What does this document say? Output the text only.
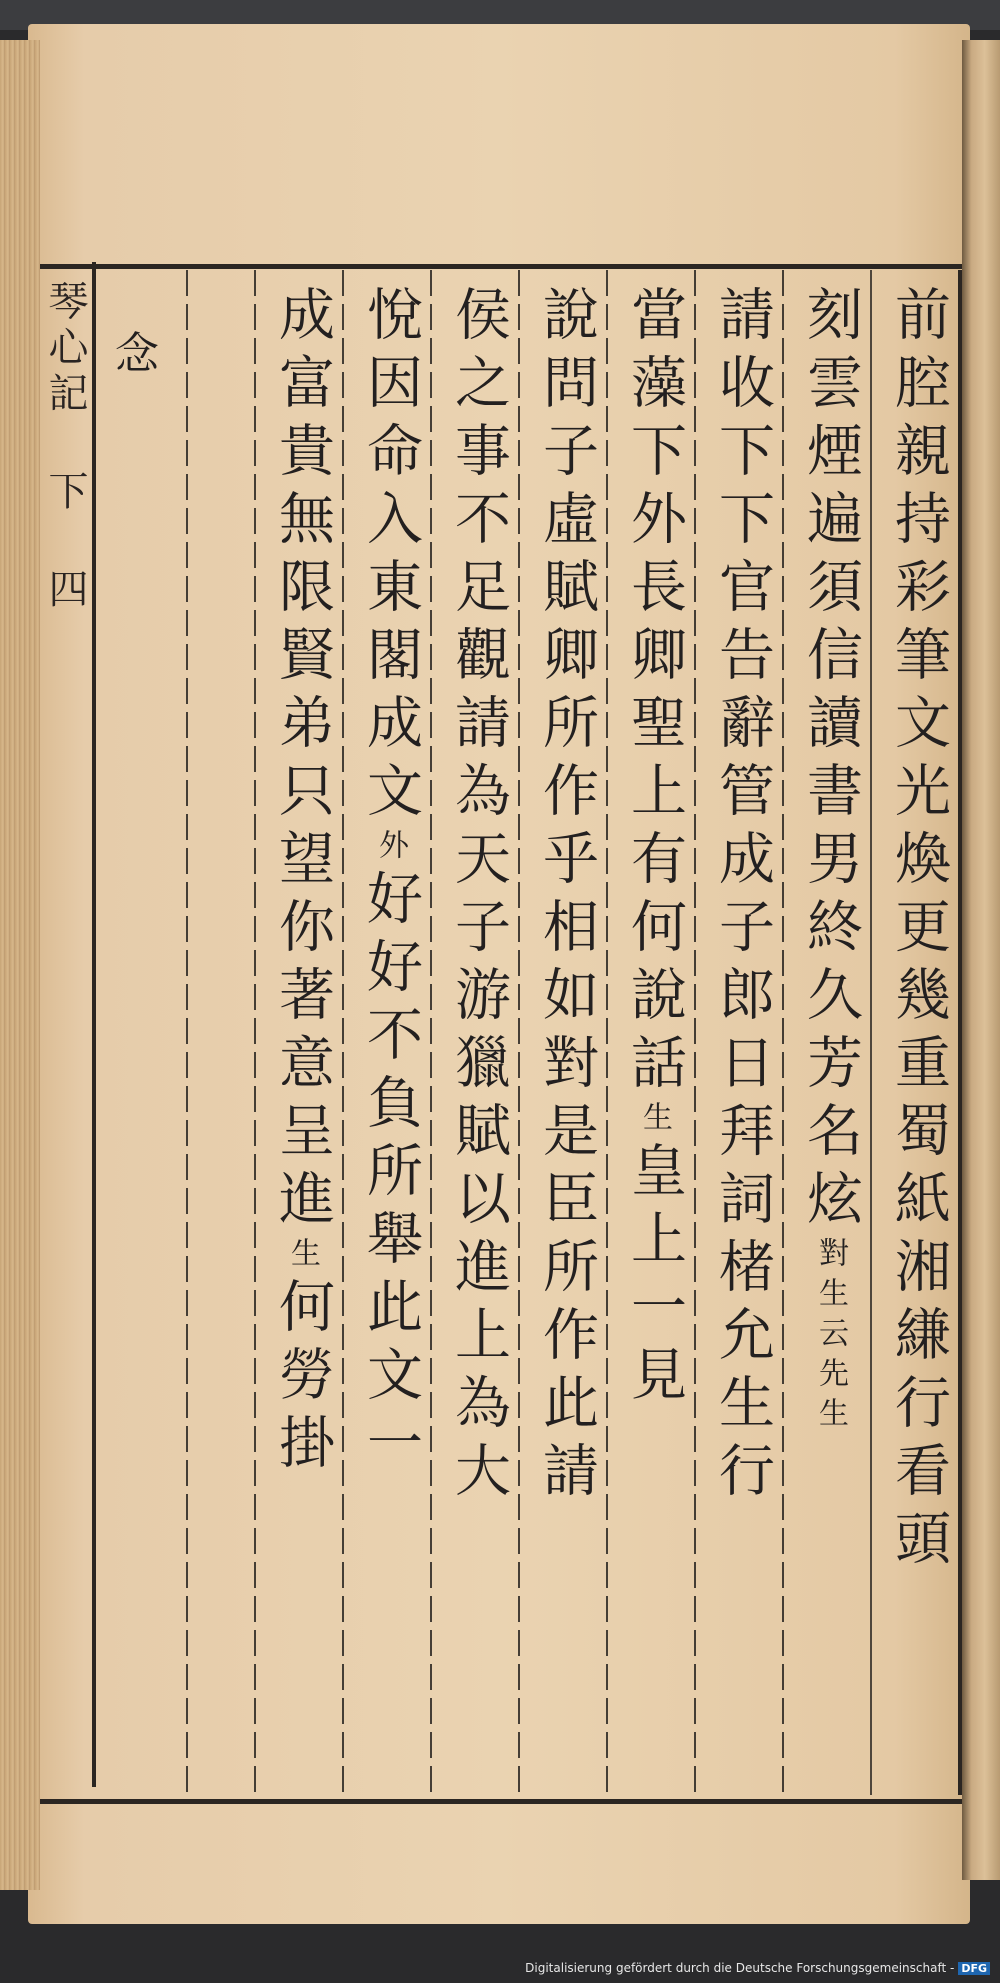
琴心記 下 四	前腔親持彩筆文光煥更幾重蜀紙湘縑行看頭
刻雲煙遍須信讀書男終久芳名炫對生云先生
請收下下官告辭管成子郎日拜詞楮允生行
當藻下外長卿聖上有何說話生皇上一見
說問子虛賦卿所作乎相如對是臣所作此請
侯之事不足觀請為天子游獵賦以進上為大
悅因命入東閣成文外好好不負所舉此文一
成富貴無限賢弟只望你著意呈進生何勞掛
念
Digitalisierung gefördert durch die Deutsche Forschungsgemeinschaft - DFG
